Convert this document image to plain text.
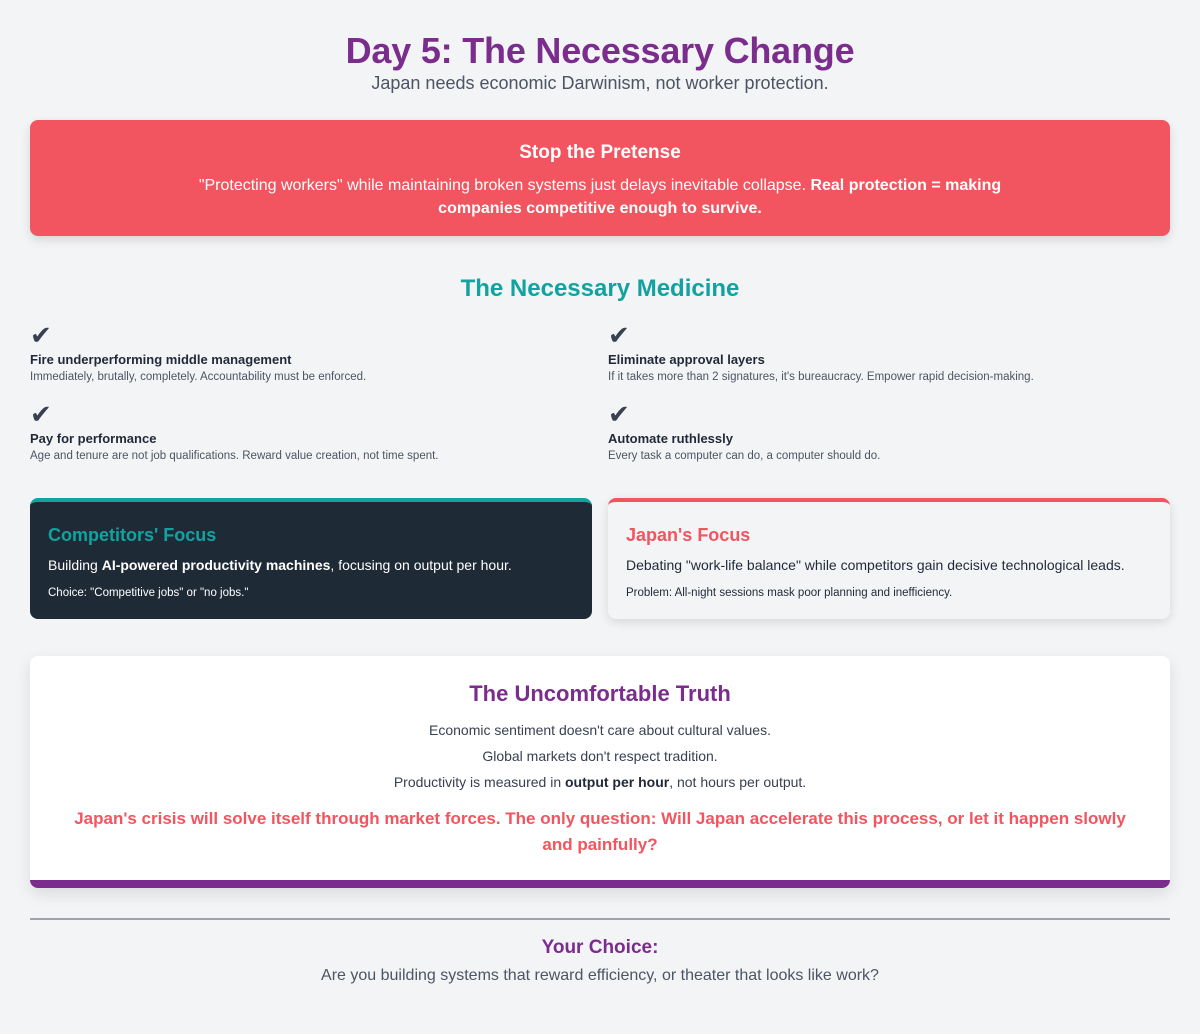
Day 5: The Necessary Change

Japan needs economic Darwinism, not worker protection.

Stop the Pretense

"Protecting workers" while maintaining broken systems just delays inevitable collapse. Real protection = making companies competitive enough to survive.

The Necessary Medicine
✔
Fire underperforming middle management
Immediately, brutally, completely. Accountability must be enforced.
✔
Eliminate approval layers
If it takes more than 2 signatures, it's bureaucracy. Empower rapid decision-making.
✔
Pay for performance
Age and tenure are not job qualifications. Reward value creation, not time spent.
✔
Automate ruthlessly
Every task a computer can do, a computer should do.
Competitors' Focus

Building AI-powered productivity machines, focusing on output per hour.

Choice: "Competitive jobs" or "no jobs."

Japan's Focus

Debating "work-life balance" while competitors gain decisive technological leads.

Problem: All-night sessions mask poor planning and inefficiency.

The Uncomfortable Truth

Economic sentiment doesn't care about cultural values.

Global markets don't respect tradition.

Productivity is measured in output per hour, not hours per output.

Japan's crisis will solve itself through market forces. The only question: Will Japan accelerate this process, or let it happen slowly and painfully?

Your Choice:

Are you building systems that reward efficiency, or theater that looks like work?
